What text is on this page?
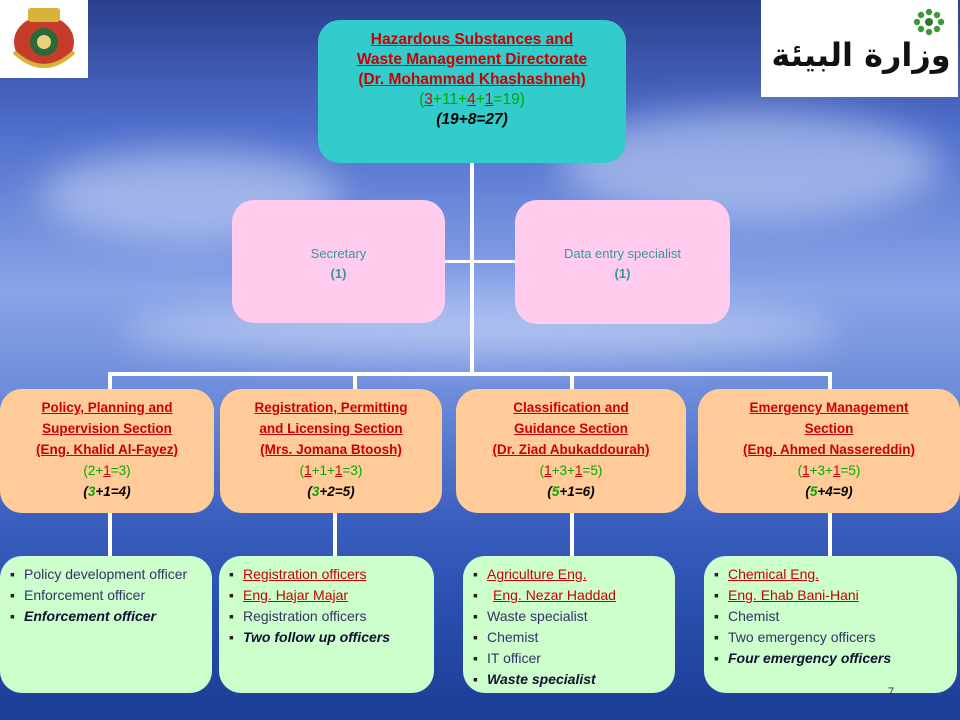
وزارة البيئة
Hazardous Substances and
Waste Management Directorate
(Dr. Mohammad Khashashneh)
(3+11+4+1=19)
(19+8=27)
Secretary
(1)
Data entry specialist
(1)
Policy, Planning and
Supervision Section
(Eng. Khalid Al-Fayez)
(2+1=3)
(3+1=4)
Registration, Permitting
and Licensing Section
(Mrs. Jomana Btoosh)
(1+1+1=3)
(3+2=5)
Classification and
Guidance Section
(Dr. Ziad Abukaddourah)
(1+3+1=5)
(5+1=6)
Emergency Management
Section
(Eng. Ahmed Nassereddin)
(1+3+1=5)
(5+4=9)
▪ Policy development officer
▪ Enforcement officer
▪ Enforcement officer
▪ Registration officers
▪ Eng. Hajar Majar
▪ Registration officers
▪ Two follow up officers
▪ Agriculture Eng.
▪ Eng. Nezar Haddad
▪ Waste specialist
▪ Chemist
▪ IT officer
▪ Waste specialist
▪ Chemical Eng.
▪ Eng. Ehab Bani-Hani
▪ Chemist
▪ Two emergency officers
▪ Four emergency officers
7
